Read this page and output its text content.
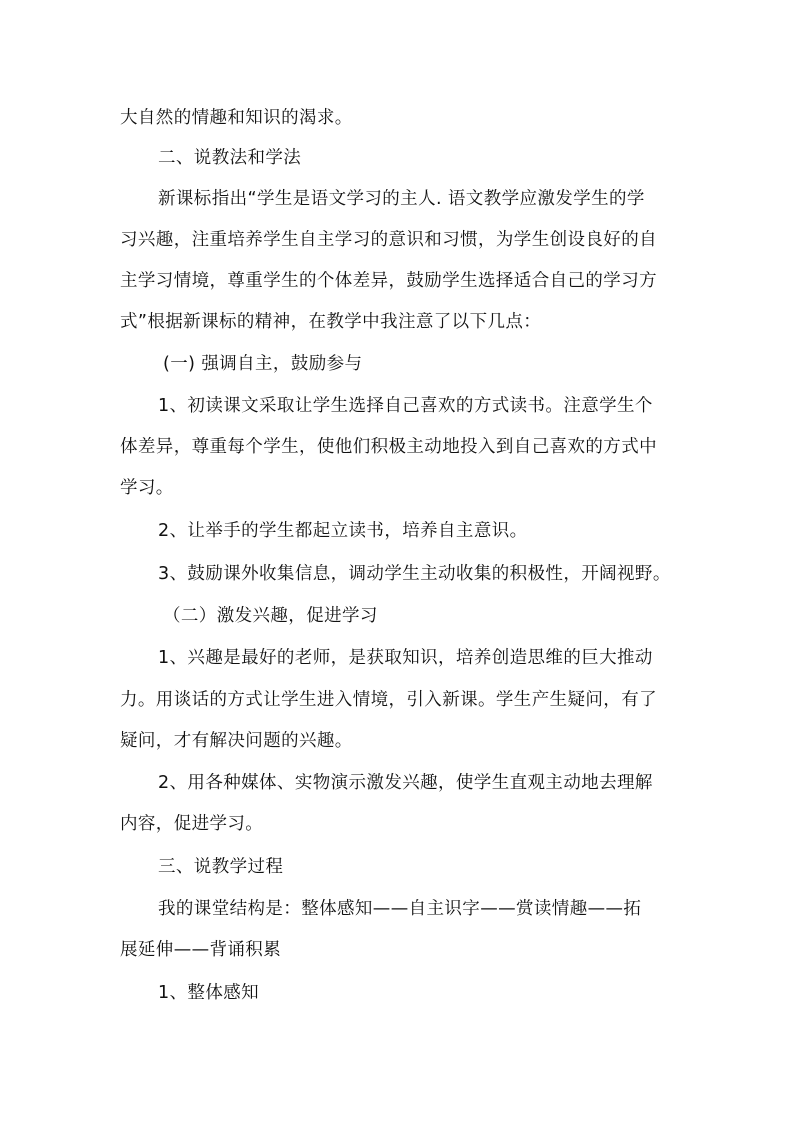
大自然的情趣和知识的渴求。
二、说教法和学法
新课标指出“学生是语文学习的主人. 语文教学应激发学生的学
习兴趣，注重培养学生自主学习的意识和习惯，为学生创设良好的自
主学习情境，尊重学生的个体差异，鼓励学生选择适合自己的学习方
式”根据新课标的精神，在教学中我注意了以下几点：
(一) 强调自主，鼓励参与
1、初读课文采取让学生选择自己喜欢的方式读书。注意学生个
体差异，尊重每个学生，使他们积极主动地投入到自己喜欢的方式中
学习。
2、让举手的学生都起立读书，培养自主意识。
3、鼓励课外收集信息，调动学生主动收集的积极性，开阔视野。
（二）激发兴趣，促进学习
1、兴趣是最好的老师，是获取知识，培养创造思维的巨大推动
力。用谈话的方式让学生进入情境，引入新课。学生产生疑问，有了
疑问，才有解决问题的兴趣。
2、用各种媒体、实物演示激发兴趣，使学生直观主动地去理解
内容，促进学习。
三、说教学过程
我的课堂结构是：整体感知——自主识字——赏读情趣——拓
展延伸——背诵积累
1、整体感知
